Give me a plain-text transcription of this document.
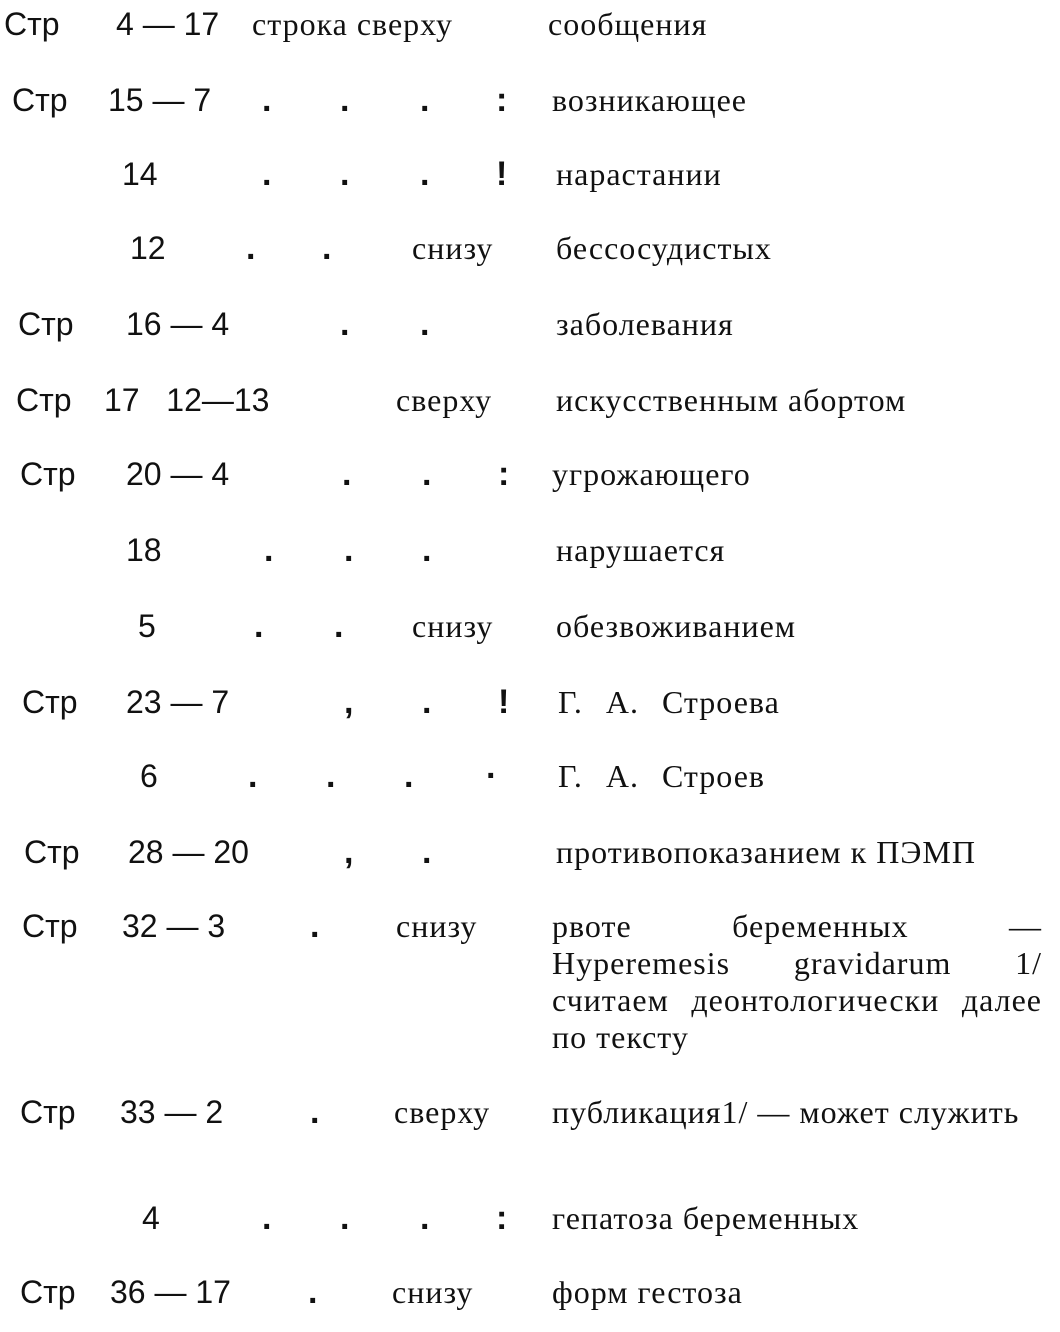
Стр 4 — 17 строка сверху	сообщения
Стр 15 — 7 . . . : возникающее
14	. . . ! нарастании
12 . .	снизу бессосудистых
Стр 16 — 4	. .	заболевания
Стр 17   12—13	сверху искусственным абортом
Стр 20 — 4	. . : угрожающего
18	. . .	нарушается
5	. . снизу обезвоживанием
Стр 23 — 7	, . ! Г. А. Строева
6	. . . · Г. А. Строев
Стр 28 — 20	, .	противопоказанием к ПЭМП
Стр 32 — 3 . снизу рвоте беременных — Hyperemesis gravidarum 1/ считаем деонтологически далее по тексту
Стр 33 — 2	. сверху публикация1/ — может служить
4	. . . : гепатоза беременных
Стр 36 — 17 . снизу форм гестоза
